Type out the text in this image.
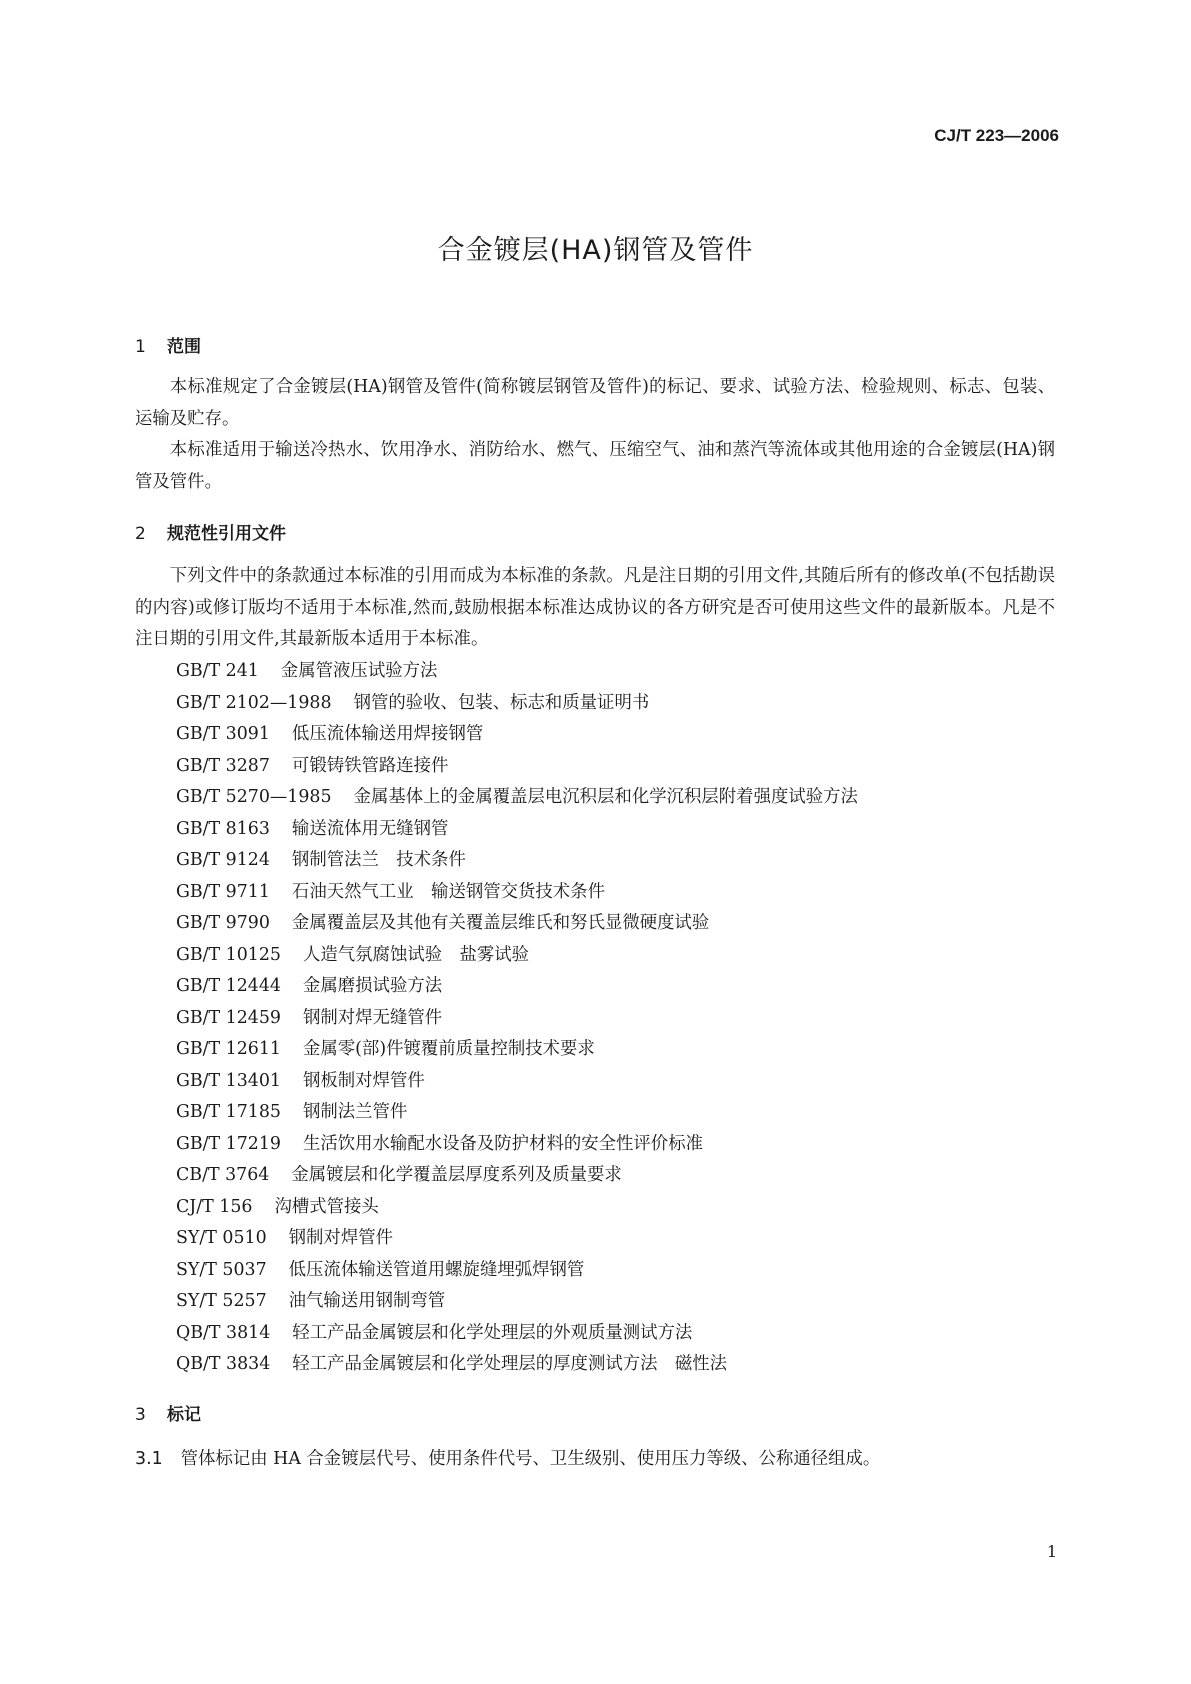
CJ/T 223—2006
合金镀层(HA)钢管及管件
1 范围

本标准规定了合金镀层(HA)钢管及管件(简称镀层钢管及管件)的标记、要求、试验方法、检验规则、标志、包装、运输及贮存。

本标准适用于输送冷热水、饮用净水、消防给水、燃气、压缩空气、油和蒸汽等流体或其他用途的合金镀层(HA)钢管及管件。

2 规范性引用文件

下列文件中的条款通过本标准的引用而成为本标准的条款。凡是注日期的引用文件,其随后所有的修改单(不包括勘误的内容)或修订版均不适用于本标准,然而,鼓励根据本标准达成协议的各方研究是否可使用这些文件的最新版本。凡是不注日期的引用文件,其最新版本适用于本标准。

GB/T 241 金属管液压试验方法
GB/T 2102—1988 钢管的验收、包装、标志和质量证明书
GB/T 3091 低压流体输送用焊接钢管
GB/T 3287 可锻铸铁管路连接件
GB/T 5270—1985 金属基体上的金属覆盖层电沉积层和化学沉积层附着强度试验方法
GB/T 8163 输送流体用无缝钢管
GB/T 9124 钢制管法兰　技术条件
GB/T 9711 石油天然气工业　输送钢管交货技术条件
GB/T 9790 金属覆盖层及其他有关覆盖层维氏和努氏显微硬度试验
GB/T 10125 人造气氛腐蚀试验　盐雾试验
GB/T 12444 金属磨损试验方法
GB/T 12459 钢制对焊无缝管件
GB/T 12611 金属零(部)件镀覆前质量控制技术要求
GB/T 13401 钢板制对焊管件
GB/T 17185 钢制法兰管件
GB/T 17219 生活饮用水输配水设备及防护材料的安全性评价标准
CB/T 3764 金属镀层和化学覆盖层厚度系列及质量要求
CJ/T 156 沟槽式管接头
SY/T 0510 钢制对焊管件
SY/T 5037 低压流体输送管道用螺旋缝埋弧焊钢管
SY/T 5257 油气输送用钢制弯管
QB/T 3814 轻工产品金属镀层和化学处理层的外观质量测试方法
QB/T 3834 轻工产品金属镀层和化学处理层的厚度测试方法　磁性法
3 标记
3.1 管体标记由 HA 合金镀层代号、使用条件代号、卫生级别、使用压力等级、公称通径组成。
1
